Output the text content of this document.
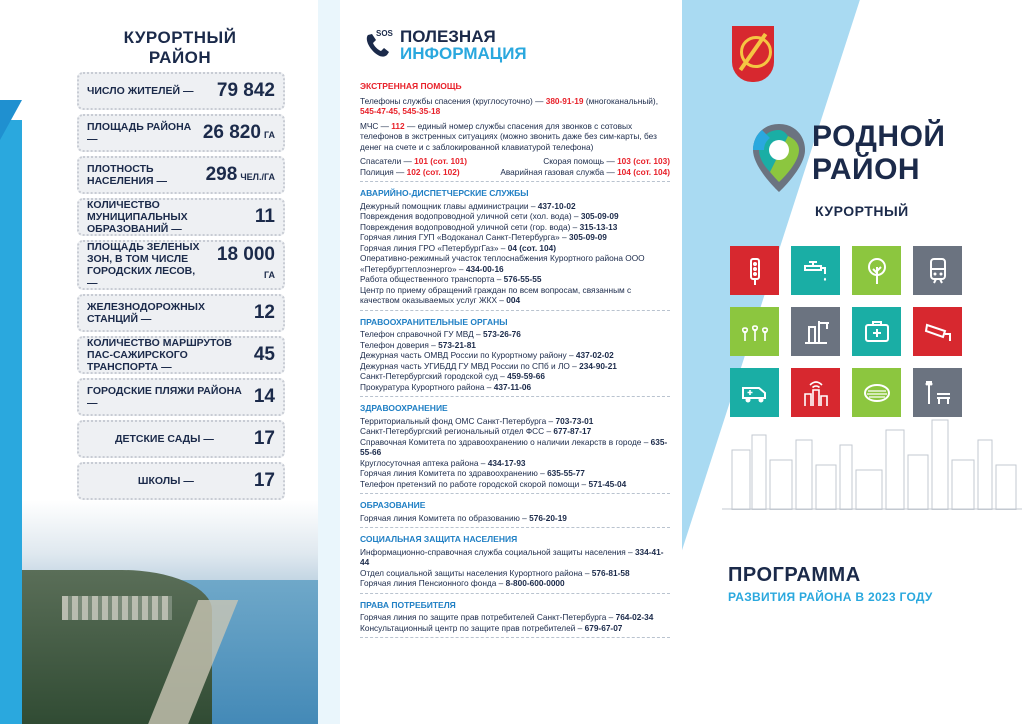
КУРОРТНЫЙ
РАЙОН
ЧИСЛО ЖИТЕЛЕЙ — 79 842
ПЛОЩАДЬ РАЙОНА —	26 820 ГА
ПЛОТНОСТЬ НАСЕЛЕНИЯ — 298 ЧЕЛ./ГА
КОЛИЧЕСТВО МУНИЦИПАЛЬНЫХ ОБРАЗОВАНИЙ —
11
ПЛОЩАДЬ ЗЕЛЕНЫХ ЗОН, В ТОМ ЧИСЛЕ ГОРОДСКИХ ЛЕСОВ, —
18 000
ГА
ЖЕЛЕЗНОДОРОЖНЫХ СТАНЦИЙ —	12
КОЛИЧЕСТВО МАРШРУТОВ ПАС-САЖИРСКОГО ТРАНСПОРТА —
45
ГОРОДСКИЕ ПЛЯЖИ РАЙОНА —	14
ДЕТСКИЕ САДЫ — 17
ШКОЛЫ —	17
SOS ПОЛЕЗНАЯ
ИНФОРМАЦИЯ
ЭКСТРЕННАЯ ПОМОЩЬ
Телефоны службы спасения (круглосуточно) — 380-91-19 (многоканальный), 545-47-45, 545-35-18
МЧС — 112 — единый номер службы спасения для звонков с сотовых телефонов в экстренных ситуациях (можно звонить даже без сим-карты, без денег на счете и с заблокированной клавиатурой телефона)
Спасатели — 101 (сот. 101)	Скорая помощь — 103 (сот. 103)
Полиция — 102 (сот. 102)	Аварийная газовая служба — 104 (сот. 104)
АВАРИЙНО-ДИСПЕТЧЕРСКИЕ СЛУЖБЫ
Дежурный помощник главы администрации – 437-10-02
Повреждения водопроводной уличной сети (хол. вода) – 305-09-09
Повреждения водопроводной уличной сети (гор. вода) – 315-13-13
Горячая линия ГУП «Водоканал Санкт-Петербурга» – 305-09-09
Горячая линия ГРО «ПетербургГаз» – 04 (сот. 104)
Оперативно-режимный участок теплоснабжения Курортного района ООО «Петербургтеплоэнерго» – 434-00-16
Работа общественного транспорта – 576-55-55
Центр по приему обращений граждан по всем вопросам, связанным с качеством оказываемых услуг ЖКХ – 004
ПРАВООХРАНИТЕЛЬНЫЕ ОРГАНЫ
Телефон справочной ГУ МВД – 573-26-76
Телефон доверия – 573-21-81
Дежурная часть ОМВД России по Курортному району – 437-02-02
Дежурная часть УГИБДД ГУ МВД России по СПб и ЛО – 234-90-21
Санкт-Петербургский городской суд – 459-59-66
Прокуратура Курортного района – 437-11-06
ЗДРАВООХРАНЕНИЕ
Территориальный фонд ОМС Санкт-Петербурга – 703-73-01
Санкт-Петербургский региональный отдел ФСС – 677-87-17
Справочная Комитета по здравоохранению о наличии лекарств в городе – 635-55-66
Круглосуточная аптека района – 434-17-93
Горячая линия Комитета по здравоохранению – 635-55-77
Телефон претензий по работе городской скорой помощи – 571-45-04
ОБРАЗОВАНИЕ
Горячая линия Комитета по образованию – 576-20-19
СОЦИАЛЬНАЯ ЗАЩИТА НАСЕЛЕНИЯ
Информационно-справочная служба социальной защиты населения – 334-41-44
Отдел социальной защиты населения Курортного района – 576-81-58
Горячая линия Пенсионного фонда – 8-800-600-0000
ПРАВА ПОТРЕБИТЕЛЯ
Горячая линия по защите прав потребителей Санкт-Петербурга – 764-02-34
Консультационный центр по защите прав потребителей – 679-67-07
РОДНОЙ
РАЙОН
КУРОРТНЫЙ
ПРОГРАММА
РАЗВИТИЯ РАЙОНА В 2023 ГОДУ
